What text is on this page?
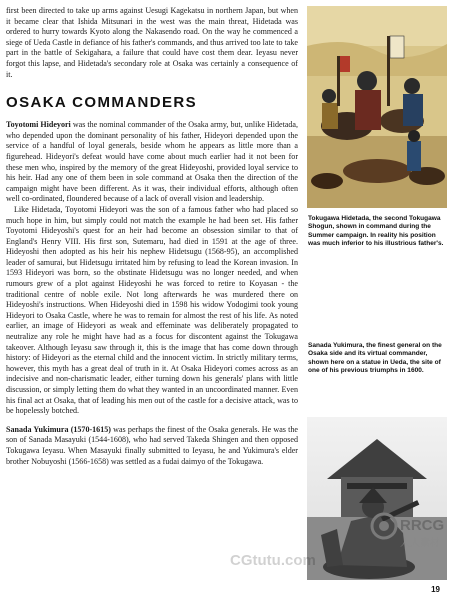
first been directed to take up arms against Uesugi Kagekatsu in northern Japan, but when it became clear that Ishida Mitsunari in the west was the main threat, Hidetada was ordered to hurry towards Kyoto along the Nakasendo road. On the way he commenced a siege of Ueda Castle in defiance of his father's commands, and thus arrived too late to take part in the battle of Sekigahara, a failure that could have cost them dear. Ieyasu never forgot this lapse, and Hidetada's secondary role at Osaka was certainly a consequence of it.

OSAKA COMMANDERS

Toyotomi Hideyori was the nominal commander of the Osaka army, but, unlike Hidetada, who depended upon the dominant personality of his father, Hideyori depended upon the service of a handful of loyal generals, beside whom he appears as little more than a figurehead. Hideyori's defeat would have come about much earlier had it not been for these men who, inspired by the memory of the great Hideyoshi, provided loyal service to his heir. Had any one of them been in sole command at Osaka then the direction of the campaign might have been different. As it was, their individual efforts, although often well co-ordinated, floundered because of a lack of overall vision and leadership.

Like Hidetada, Toyotomi Hideyori was the son of a famous father who had placed so much hope in him, but simply could not match the example he had been set. His father Toyotomi Hideyoshi's quest for an heir had become an obsession similar to that of England's Henry VIII. His first son, Sutemaru, had died in 1591 at the age of three. Hideyoshi then adopted as his heir his nephew Hidetsugu (1568-95), an accomplished leader of samurai, but Hidetsugu irritated him by refusing to lead the Korean invasion. In 1593 Hideyori was born, so the obstinate Hidetsugu was no longer needed, and when rumours grew of a plot against Hideyoshi he was forced to retire to Koyasan - the traditional centre of noble exile. Not long afterwards he was murdered there on Hideyoshi's instructions. When Hideyoshi died in 1598 his widow Yodogimi took young Hideyori to Osaka Castle, where he was to remain for almost the rest of his life. As noted earlier, an image of Hideyori as weak and effeminate was deliberately propagated to neutralize any role he might have had as a focus for discontent against the Tokugawa takeover. Although Ieyasu saw through it, this is the image that has come down through history: of Hideyori as the eternal child and the innocent victim. In strictly military terms, however, this myth has a great deal of truth in it. At Osaka Hideyori comes across as an indecisive and non-charismatic leader, either turning down his generals' plans with little discussion, or simply letting them do what they wanted in an uncoordinated manner. Even his final act at Osaka, that of leading his men out of the castle for a decisive attack, was to be hopelessly botched.

Sanada Yukimura (1570-1615) was perhaps the finest of the Osaka generals. He was the son of Sanada Masayuki (1544-1608), who had served Takeda Shingen and then opposed Tokugawa Ieyasu. When Masayuki finally submitted to Ieyasu, he and Yukimura's elder brother Nobuyoshi (1566-1658) was settled as a fudai daimyo of the Tokugawa.

Tokugawa Hidetada, the second Tokugawa Shogun, shown in command during the Summer campaign. In reality his position was much inferior to his illustrious father's.

Sanada Yukimura, the finest general on the Osaka side and its virtual commander, shown here on a statue in Ueda, the site of one of his previous triumphs in 1600.

RRCG
人人素材
CGtutu.com
19
